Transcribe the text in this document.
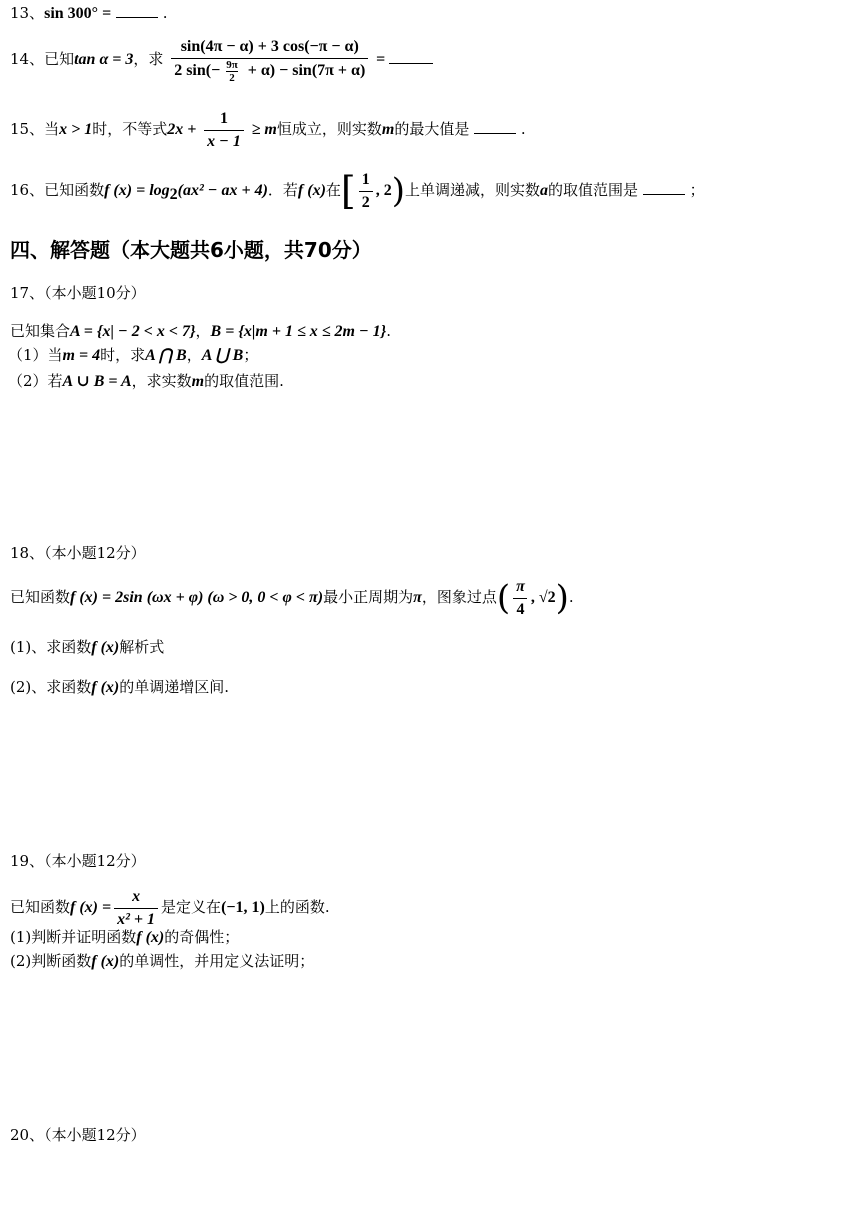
13、sin 300° =	.
14、已知tan α = 3，求 $\frac{\sin(4\pi - \alpha) + 3 \cos(-\pi - \alpha)}{2 \sin(- \frac{9\pi}{2} + \alpha) - \sin(7\pi + \alpha)}$ =
15、当x > 1时，不等式$2x + \frac{1}{x - 1} \ge m$恒成立，则实数m的最大值是	.
16、已知函数f $(x) = \log_2(ax^2$ − ax + 4)．若f (x)在[ $\frac{1}{2}$ , 2)上单调递减，则实数a的取值范围是	；
四、解答题（本大题共6小题，共70分）
17、（本小题10分）
已知集合A = {x| − 2 < x < 7}，B = {x|m + 1 ≤ x ≤ 2m − 1}.
（1）当m = 4时，求A ⋂ B，A ⋃ B；
（2）若A ∪ B = A，求实数m的取值范围.
18、（本小题12分）
已知函数f (x) = 2sin (ωx + φ) (ω > 0, 0 < φ < π)最小正周期为π，图象过点( $\frac{\pi}{4}$ , √2).
(1)、求函数f (x)解析式
(2)、求函数f (x)的单调递增区间.
19、（本小题12分）
已知函数f $(x) = \frac{x}{\text{x² + 1}}$ 是定义在(−1, 1)上的函数.
(1)判断并证明函数f (x)的奇偶性；
(2)判断函数f (x)的单调性，并用定义法证明；
20、（本小题12分）
